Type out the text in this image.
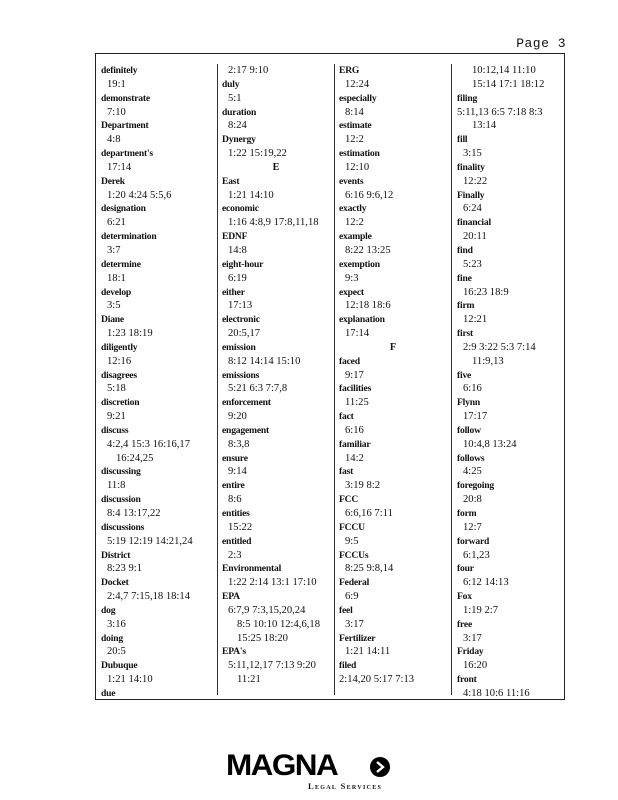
Page 3
definitely
19:1
demonstrate
7:10
Department
4:8
department's
17:14
Derek
1:20 4:24 5:5,6
designation
6:21
determination
3:7
determine
18:1
develop
3:5
Diane
1:23 18:19
diligently
12:16
disagrees
5:18
discretion
9:21
discuss
4:2,4 15:3 16:16,17
16:24,25
discussing
11:8
discussion
8:4 13:17,22
discussions
5:19 12:19 14:21,24
District
8:23 9:1
Docket
2:4,7 7:15,18 18:14
dog
3:16
doing
20:5
Dubuque
1:21 14:10
due
2:17 9:10
duly
5:1
duration
8:24
Dynergy
1:22 15:19,22
E
East
1:21 14:10
economic
1:16 4:8,9 17:8,11,18
EDNF
14:8
eight-hour
6:19
either
17:13
electronic
20:5,17
emission
8:12 14:14 15:10
emissions
5:21 6:3 7:7,8
enforcement
9:20
engagement
8:3,8
ensure
9:14
entire
8:6
entities
15:22
entitled
2:3
Environmental
1:22 2:14 13:1 17:10
EPA
6:7,9 7:3,15,20,24
8:5 10:10 12:4,6,18
15:25 18:20
EPA's
5:11,12,17 7:13 9:20
11:21
ERG
12:24
especially
8:14
estimate
12:2
estimation
12:10
events
6:16 9:6,12
exactly
12:2
example
8:22 13:25
exemption
9:3
expect
12:18 18:6
explanation
17:14
F
faced
9:17
facilities
11:25
fact
6:16
familiar
14:2
fast
3:19 8:2
FCC
6:6,16 7:11
FCCU
9:5
FCCUs
8:25 9:8,14
Federal
6:9
feel
3:17
Fertilizer
1:21 14:11
filed
2:14,20 5:17 7:13
10:12,14 11:10
15:14 17:1 18:12
filing
5:11,13 6:5 7:18 8:3
13:14
fill
3:15
finality
12:22
Finally
6:24
financial
20:11
find
5:23
fine
16:23 18:9
firm
12:21
first
2:9 3:22 5:3 7:14
11:9,13
five
6:16
Flynn
17:17
follow
10:4,8 13:24
follows
4:25
foregoing
20:8
form
12:7
forward
6:1,23
four
6:12 14:13
Fox
1:19 2:7
free
3:17
Friday
16:20
front
4:18 10:6 11:16
MAGNA
Legal Services
